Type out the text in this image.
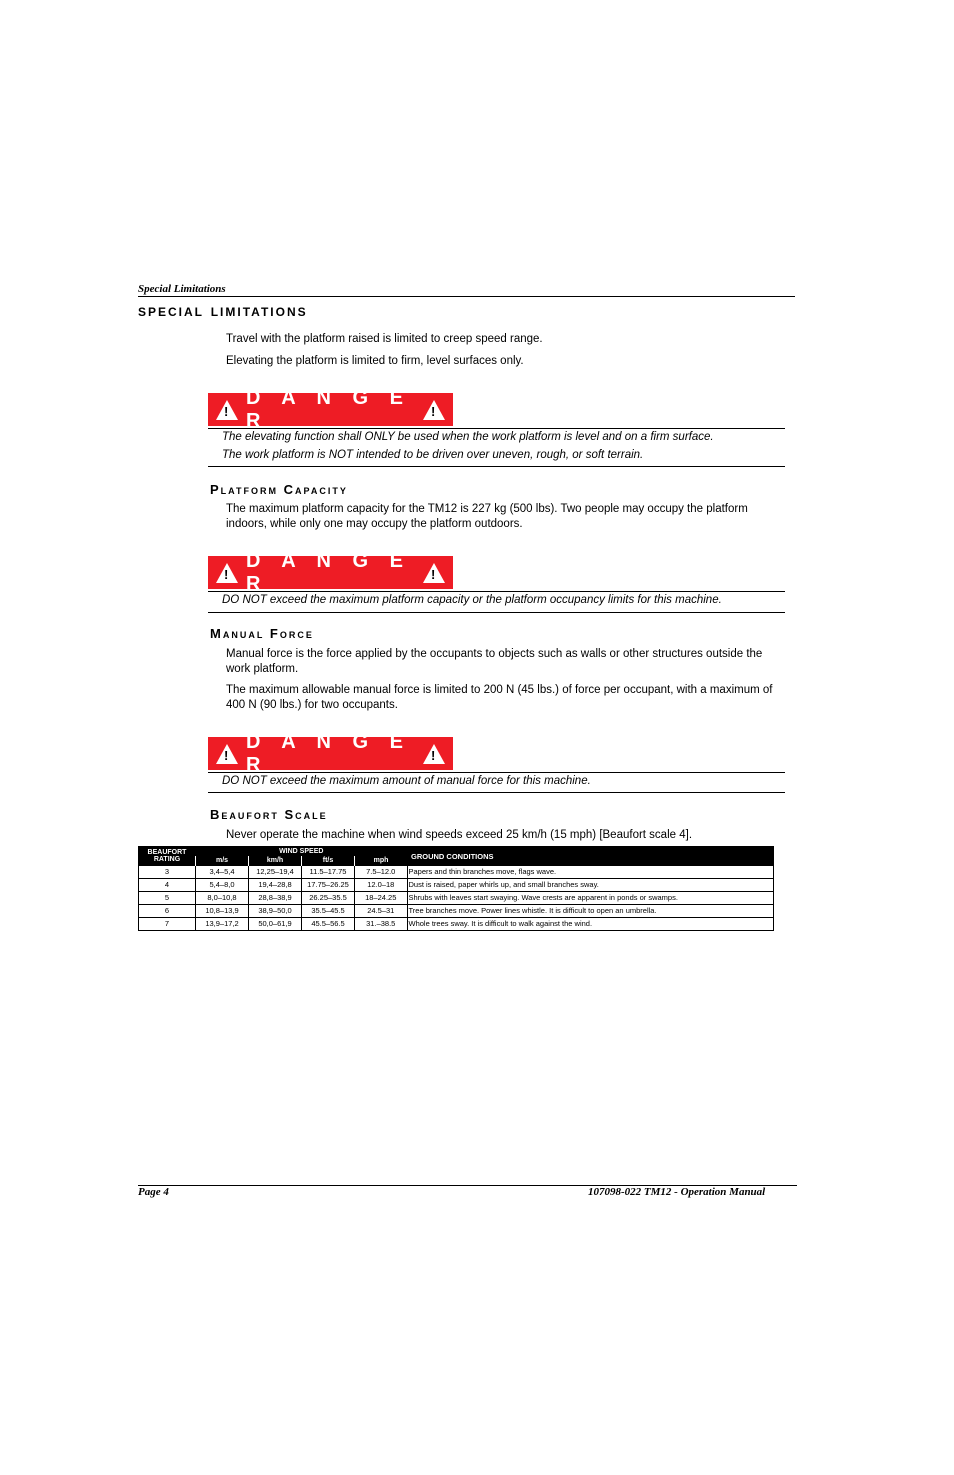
Special Limitations
special limitations
Travel with the platform raised is limited to creep speed range.
Elevating the platform is limited to firm, level surfaces only.
!
D A N G E R	!
The elevating function shall ONLY be used when the work platform is level and on a firm surface.
The work platform is NOT intended to be driven over uneven, rough, or soft terrain.
Platform Capacity
The maximum platform capacity for the TM12 is 227 kg (500 lbs). Two people may occupy the platform indoors, while only one may occupy the platform outdoors.
!
D A N G E R	!
DO NOT exceed the maximum platform capacity or the platform occupancy limits for this machine.
Manual Force
Manual force is the force applied by the occupants to objects such as walls or other structures outside the work platform.
The maximum allowable manual force is limited to 200 N (45 lbs.) of force per occupant, with a maximum of 400 N (90 lbs.) for two occupants.
!
D A N G E R	!
DO NOT exceed the maximum amount of manual force for this machine.
Beaufort Scale
Never operate the machine when wind speeds exceed 25 km/h (15 mph) [Beaufort scale 4].
BEAUFORT RATING	WIND SPEED				GROUND CONDITIONS
	m/s	km/h	ft/s	mph	
3	3,4–5,4	12,25–19,4	11.5–17.75	7.5–12.0	Papers and thin branches move, flags wave.
4	5,4–8,0	19,4–28,8	17.75–26.25	12.0–18	Dust is raised, paper whirls up, and small branches sway.
5	8,0–10,8	28,8–38,9	26.25–35.5	18–24.25	Shrubs with leaves start swaying. Wave crests are apparent in ponds or swamps.
6	10,8–13,9	38,9–50,0	35.5–45.5	24.5–31	Tree branches move. Power lines whistle. It is difficult to open an umbrella.
7	13,9–17,2	50,0–61,9	45.5–56.5	31.–38.5	Whole trees sway. It is difficult to walk against the wind.
Page 4	107098-022 TM12 - Operation Manual
